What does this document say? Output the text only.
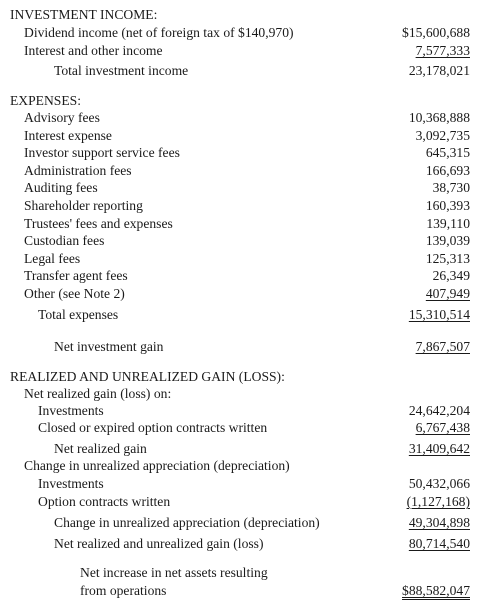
INVESTMENT INCOME:
Dividend income (net of foreign tax of $140,970)	$15,600,688
Interest and other income	7,577,333
Total investment income	23,178,021
EXPENSES:
Advisory fees	10,368,888
Interest expense	3,092,735
Investor support service fees	645,315
Administration fees	166,693
Auditing fees	38,730
Shareholder reporting	160,393
Trustees' fees and expenses	139,110
Custodian fees	139,039
Legal fees	125,313
Transfer agent fees	26,349
Other (see Note 2)	407,949
Total expenses	15,310,514
Net investment gain	7,867,507
REALIZED AND UNREALIZED GAIN (LOSS):
Net realized gain (loss) on:
Investments	24,642,204
Closed or expired option contracts written	6,767,438
Net realized gain	31,409,642
Change in unrealized appreciation (depreciation)
Investments	50,432,066
Option contracts written	(1,127,168)
Change in unrealized appreciation (depreciation)	49,304,898
Net realized and unrealized gain (loss)	80,714,540
Net increase in net assets resulting
from operations	$88,582,047
